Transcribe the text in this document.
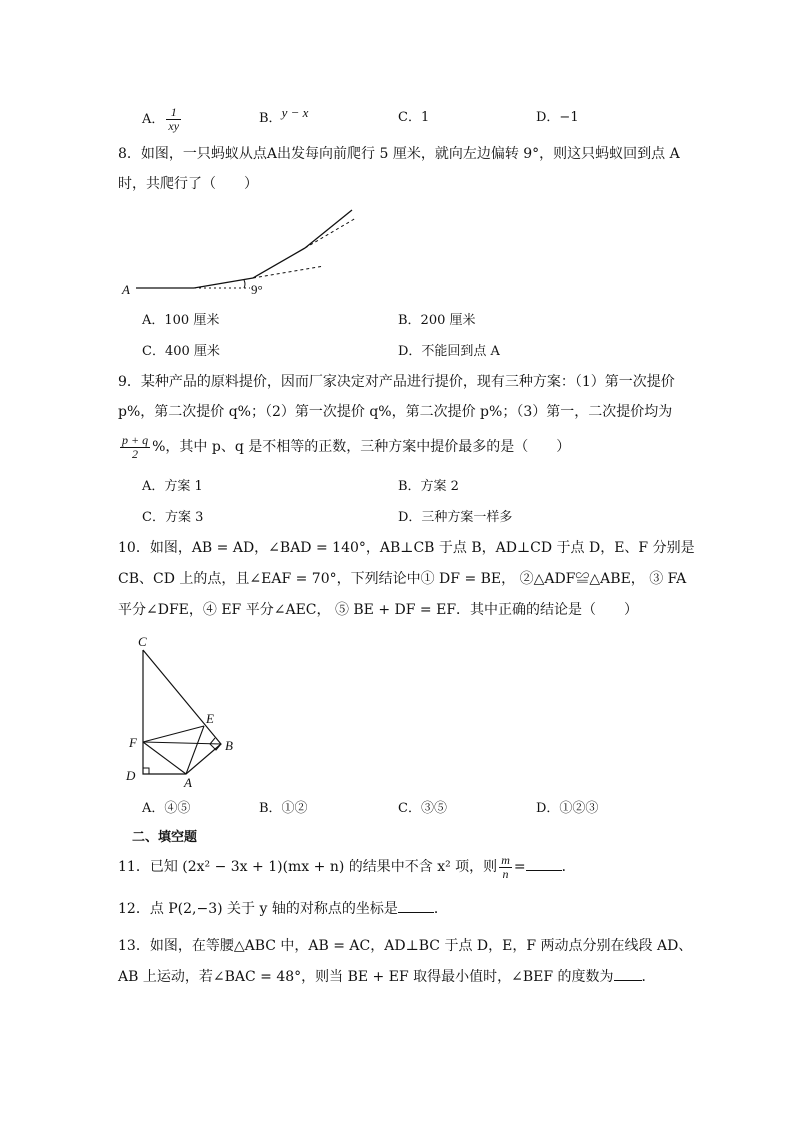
A． $\frac{1}{xy}$	B．y − x	C．1	D．−1
8．如图，一只蚂蚁从点A出发每向前爬行 5 厘米，就向左边偏转 9°，则这只蚂蚁回到点 A
时，共爬行了（　　）
A	9°
A．100 厘米	B．200 厘米
C．400 厘米	D．不能回到点 A
9．某种产品的原料提价，因而厂家决定对产品进行提价，现有三种方案：（1）第一次提价
p%，第二次提价 q%；（2）第一次提价 q%，第二次提价 p%；（3）第一，二次提价均为
$\frac{p + q}{2}$ %，其中 p、q 是不相等的正数，三种方案中提价最多的是（　　）
A．方案 1	B．方案 2
C．方案 3	D．三种方案一样多
10．如图，AB = AD，∠BAD = 140°，AB⊥CB 于点 B，AD⊥CD 于点 D，E、F 分别是
CB、CD 上的点，且∠EAF = 70°，下列结论中① DF = BE， ②△ADF≌△ABE， ③ FA
平分∠DFE，④ EF 平分∠AEC， ⑤ BE + DF = EF．其中正确的结论是（　　）
C
E
B
F
D	A
A．④⑤	B．①②	C．③⑤	D．①②③
二、填空题
11．已知 (2x² − 3x + 1)(mx + n) 的结果中不含 x² 项，则 $\frac{m}{n}$ =	．
12．点 P(2,−3) 关于 y 轴的对称点的坐标是	．
13．如图，在等腰△ABC 中，AB = AC，AD⊥BC 于点 D，E，F 两动点分别在线段 AD、
AB 上运动，若∠BAC = 48°，则当 BE + EF 取得最小值时，∠BEF 的度数为 ．
